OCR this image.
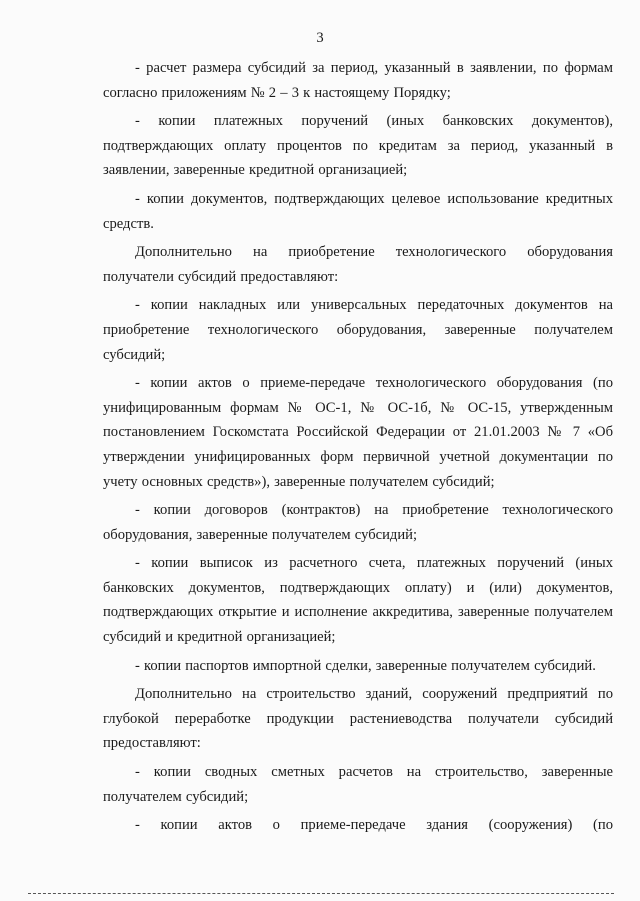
3

- расчет размера субсидий за период, указанный в заявлении, по формам согласно приложениям № 2 – 3 к настоящему Порядку;

- копии платежных поручений (иных банковских документов), подтверждающих оплату процентов по кредитам за период, указанный в заявлении, заверенные кредитной организацией;

- копии документов, подтверждающих целевое использование кредитных средств.

Дополнительно на приобретение технологического оборудования получатели субсидий предоставляют:

- копии накладных или универсальных передаточных документов на приобретение технологического оборудования, заверенные получателем субсидий;

- копии актов о приеме-передаче технологического оборудования (по унифицированным формам № ОС-1, № ОС-1б, № ОС-15, утвержденным постановлением Госкомстата Российской Федерации от 21.01.2003 № 7 «Об утверждении унифицированных форм первичной учетной документации по учету основных средств»), заверенные получателем субсидий;

- копии договоров (контрактов) на приобретение технологического оборудования, заверенные получателем субсидий;

- копии выписок из расчетного счета, платежных поручений (иных банковских документов, подтверждающих оплату) и (или) документов, подтверждающих открытие и исполнение аккредитива, заверенные получателем субсидий и кредитной организацией;

- копии паспортов импортной сделки, заверенные получателем субсидий.

Дополнительно на строительство зданий, сооружений предприятий по глубокой переработке продукции растениеводства получатели субсидий предоставляют:

- копии сводных сметных расчетов на строительство, заверенные получателем субсидий;

- копии актов о приеме-передаче здания (сооружения) (по
